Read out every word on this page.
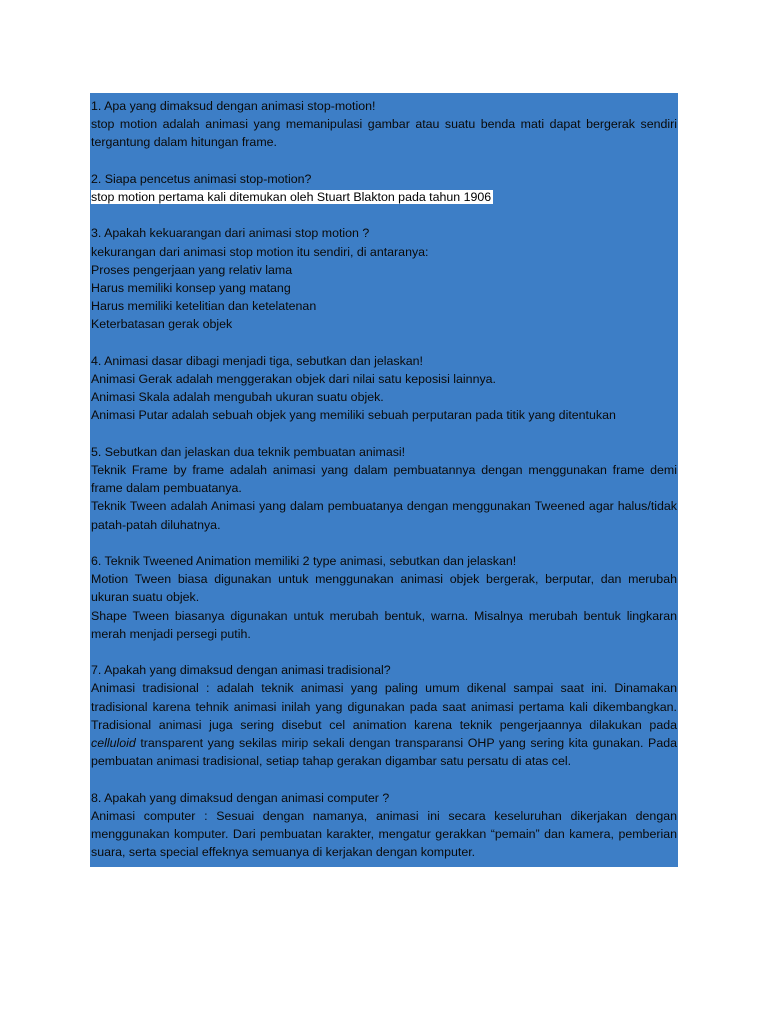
1. Apa yang dimaksud dengan animasi stop-motion!
stop motion adalah animasi yang memanipulasi gambar atau suatu benda mati dapat bergerak sendiri tergantung dalam hitungan frame.
2. Siapa pencetus animasi stop-motion?
stop motion pertama kali ditemukan oleh Stuart Blakton pada tahun 1906
3. Apakah kekuarangan dari animasi stop motion ?
kekurangan dari animasi stop motion itu sendiri, di antaranya:
Proses pengerjaan yang relativ lama
Harus memiliki konsep yang matang
Harus memiliki ketelitian dan ketelatenan
Keterbatasan gerak objek
4. Animasi dasar dibagi menjadi tiga, sebutkan dan jelaskan!
Animasi Gerak adalah menggerakan objek dari nilai satu keposisi lainnya.
Animasi Skala adalah mengubah ukuran suatu objek.
Animasi Putar adalah sebuah objek yang memiliki sebuah perputaran pada titik yang ditentukan
5. Sebutkan dan jelaskan dua teknik pembuatan animasi!
Teknik Frame by frame adalah animasi yang dalam pembuatannya dengan menggunakan frame demi frame dalam pembuatanya.
Teknik Tween adalah Animasi yang dalam pembuatanya dengan menggunakan Tweened agar halus/tidak patah-patah diluhatnya.
6. Teknik Tweened Animation memiliki 2 type animasi, sebutkan dan jelaskan!
Motion Tween biasa digunakan untuk menggunakan animasi objek bergerak, berputar, dan merubah ukuran suatu objek.
Shape Tween biasanya digunakan untuk merubah bentuk, warna. Misalnya merubah bentuk lingkaran merah menjadi persegi putih.
7. Apakah yang dimaksud dengan animasi tradisional?
Animasi tradisional : adalah teknik animasi yang paling umum dikenal sampai saat ini. Dinamakan tradisional karena tehnik animasi inilah yang digunakan pada saat animasi pertama kali dikembangkan. Tradisional animasi juga sering disebut cel animation karena teknik pengerjaannya dilakukan pada celluloid transparent yang sekilas mirip sekali dengan transparansi OHP yang sering kita gunakan. Pada pembuatan animasi tradisional, setiap tahap gerakan digambar satu persatu di atas cel.
8. Apakah yang dimaksud dengan animasi computer ?
Animasi computer : Sesuai dengan namanya, animasi ini secara keseluruhan dikerjakan dengan menggunakan komputer. Dari pembuatan karakter, mengatur gerakkan “pemain” dan kamera, pemberian suara, serta special effeknya semuanya di kerjakan dengan komputer.
